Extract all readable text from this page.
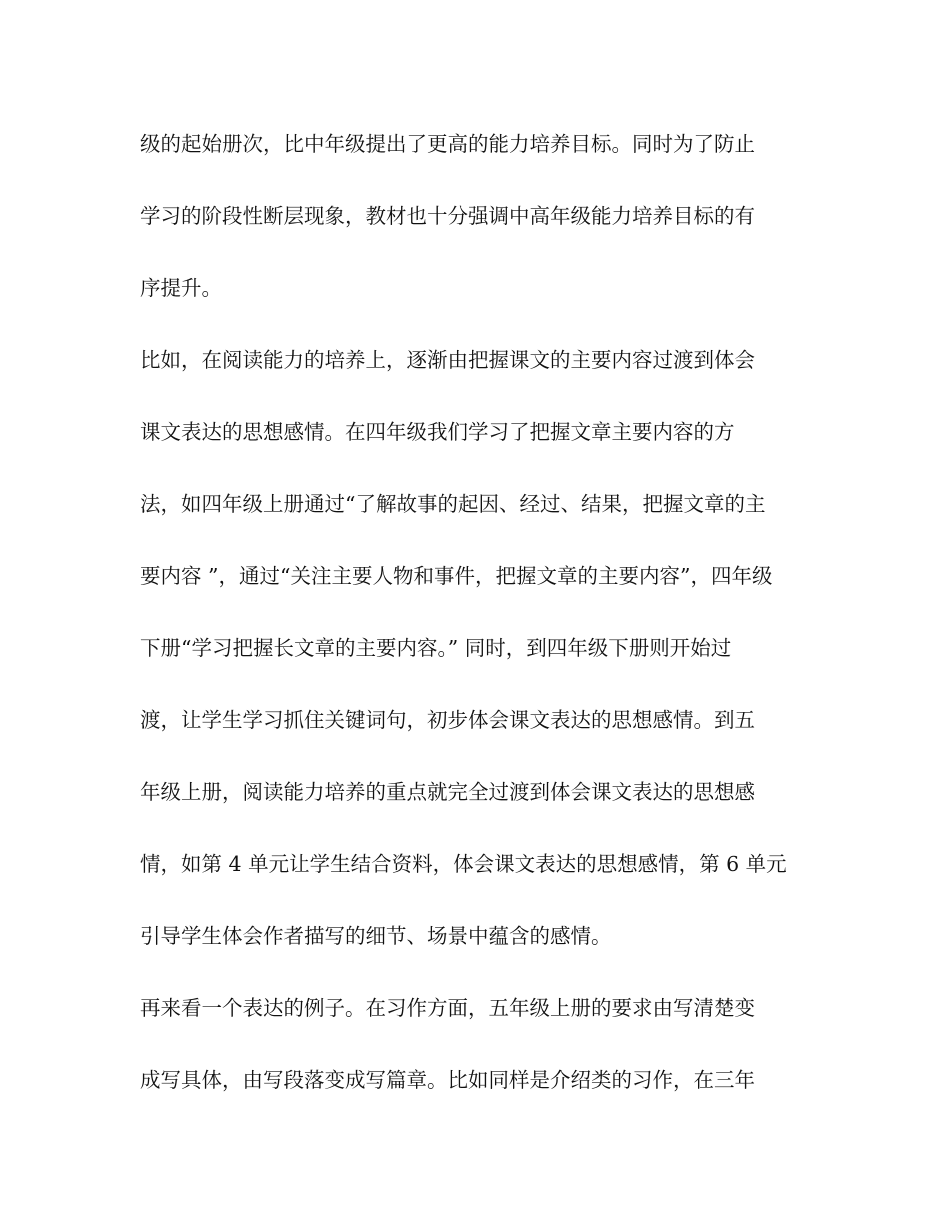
级的起始册次，比中年级提出了更高的能力培养目标。同时为了防止
学习的阶段性断层现象，教材也十分强调中高年级能力培养目标的有
序提升。
比如，在阅读能力的培养上，逐渐由把握课文的主要内容过渡到体会
课文表达的思想感情。在四年级我们学习了把握文章主要内容的方
法，如四年级上册通过“了解故事的起因、经过、结果，把握文章的主
要内容 ”，通过“关注主要人物和事件，把握文章的主要内容”，四年级
下册“学习把握长文章的主要内容。” 同时，到四年级下册则开始过
渡，让学生学习抓住关键词句，初步体会课文表达的思想感情。到五
年级上册，阅读能力培养的重点就完全过渡到体会课文表达的思想感
情，如第 4 单元让学生结合资料，体会课文表达的思想感情，第 6 单元
引导学生体会作者描写的细节、场景中蕴含的感情。
再来看一个表达的例子。在习作方面，五年级上册的要求由写清楚变
成写具体，由写段落变成写篇章。比如同样是介绍类的习作，在三年
